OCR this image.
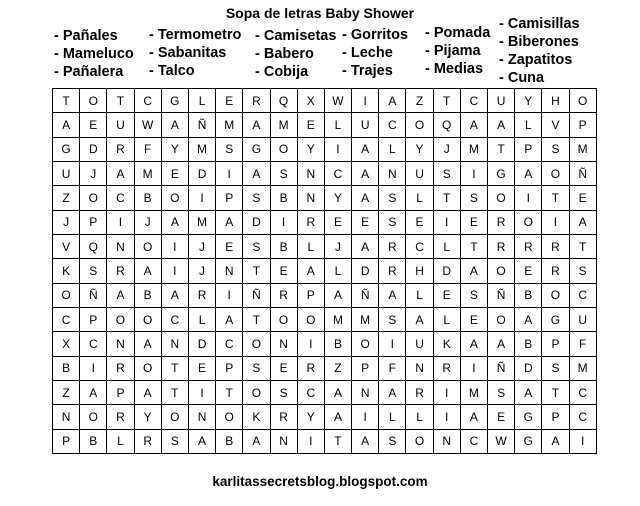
Sopa de letras Baby Shower
- Pañales
- Mameluco
- Pañalera
- Termometro
- Sabanitas
- Talco
- Camisetas
- Babero
- Cobija
- Gorritos
- Leche
- Trajes
- Pomada
- Pijama
- Medias
- Camisillas
- Biberones
- Zapatitos
- Cuna
T	O	T	C	G	L	E	R	Q	X	W	I	A	Z	T	C	U	Y	H	O
A	E	U	W	A	Ñ	M	A	M	E	L	U	C	O	Q	A	A	L	V	P
G	D	R	F	Y	M	S	G	O	Y	I	A	L	Y	J	M	T	P	S	M
U	J	A	M	E	D	I	A	S	N	C	A	N	U	S	I	G	A	O	Ñ
Z	O	C	B	O	I	P	S	B	N	Y	A	S	L	T	S	O	I	T	E
J	P	I	J	A	M	A	D	I	R	E	E	S	E	I	E	R	O	I	A
V	Q	N	O	I	J	E	S	B	L	J	A	R	C	L	T	R	R	R	T
K	S	R	A	I	J	N	T	E	A	L	D	R	H	D	A	O	E	R	S
O	Ñ	A	B	A	R	I	Ñ	R	P	A	Ñ	A	L	E	S	Ñ	B	O	C
C	P	O	O	C	L	A	T	O	O	M	M	S	A	L	E	O	A	G	U
X	C	N	A	N	D	C	O	N	I	B	O	I	U	K	A	A	B	P	F
B	I	R	O	T	E	P	S	E	R	Z	P	F	N	R	I	Ñ	D	S	M
Z	A	P	A	T	I	T	O	S	C	A	N	A	R	I	M	S	A	T	C
N	O	R	Y	O	N	O	K	R	Y	A	I	L	L	I	A	E	G	P	C
P	B	L	R	S	A	B	A	N	I	T	A	S	O	N	C	W	G	A	I
karlitassecretsblog.blogspot.com
